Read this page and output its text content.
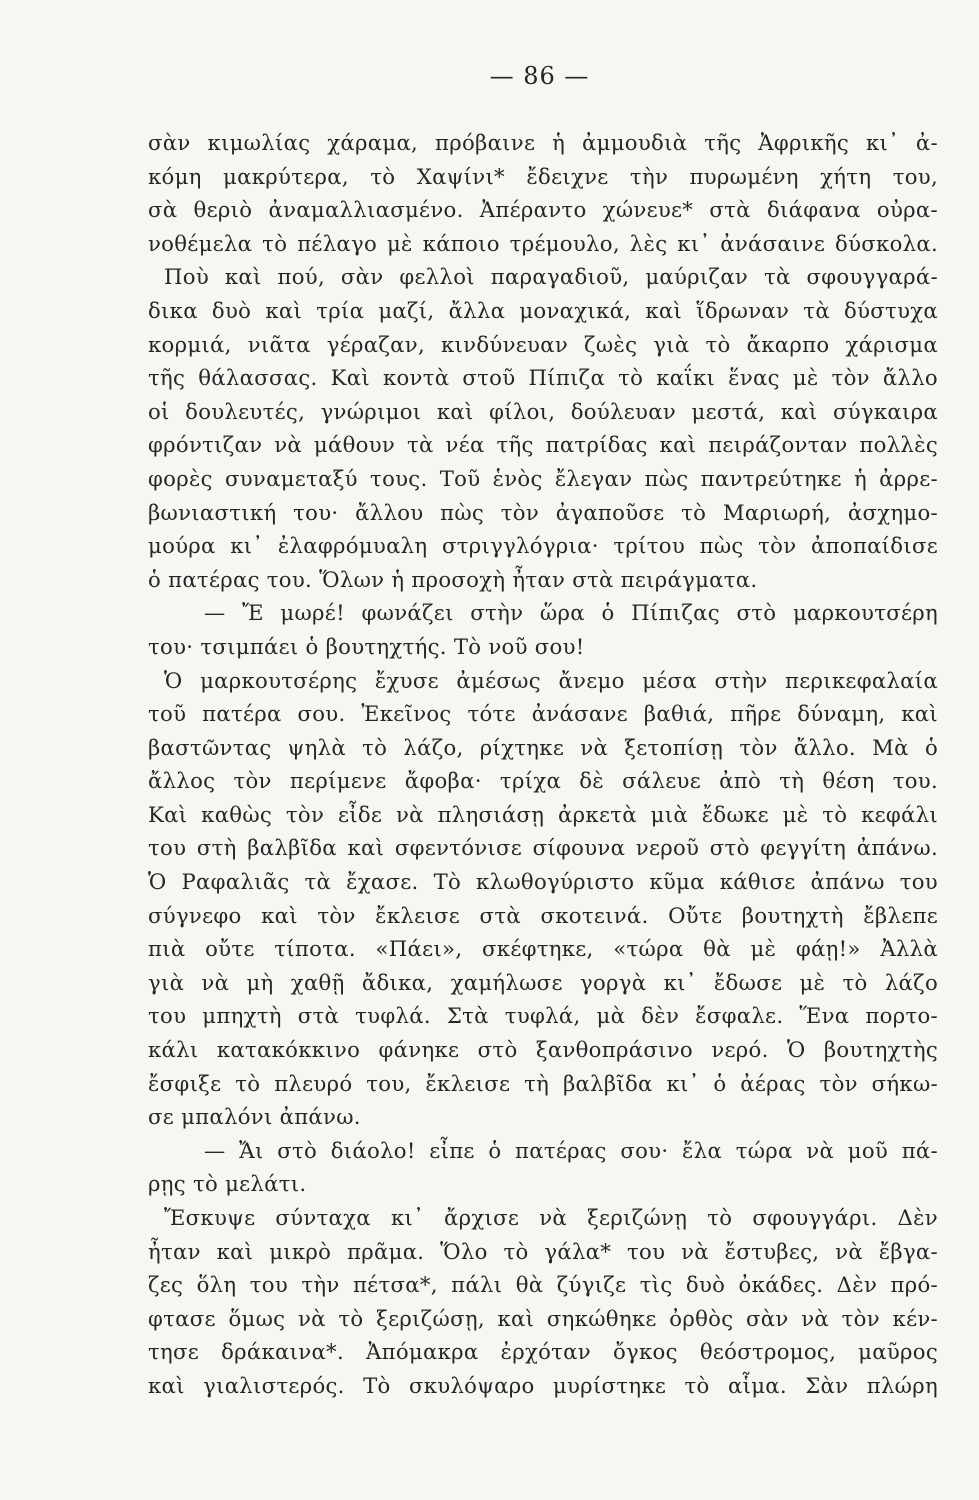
— 86 —
σὰν κιμωλίας χάραμα, πρόβαινε ἡ ἀμμουδιὰ τῆς Ἀφρικῆς κι᾽ ἀ-
κόμη μακρύτερα, τὸ Χαψίνι* ἔδειχνε τὴν πυρωμένη χήτη του,
σὰ θεριὸ ἀναμαλλιασμένο. Ἀπέραντο χώνευε* στὰ διάφανα οὐρα-
νοθέμελα τὸ πέλαγο μὲ κάποιο τρέμουλο, λὲς κι᾽ ἀνάσαινε δύσκολα.
Ποὺ καὶ πού, σὰν φελλοὶ παραγαδιοῦ, μαύριζαν τὰ σφουγγαρά-
δικα δυὸ καὶ τρία μαζί, ἄλλα μοναχικά, καὶ ἵδρωναν τὰ δύστυχα
κορμιά, νιᾶτα γέραζαν, κινδύνευαν ζωὲς γιὰ τὸ ἄκαρπο χάρισμα
τῆς θάλασσας. Καὶ κοντὰ στοῦ Πίπιζα τὸ καΐκι ἕνας μὲ τὸν ἄλλο
οἱ δουλευτές, γνώριμοι καὶ φίλοι, δούλευαν μεστά, καὶ σύγκαιρα
φρόντιζαν νὰ μάθουν τὰ νέα τῆς πατρίδας καὶ πειράζονταν πολλὲς
φορὲς συναμεταξύ τους. Τοῦ ἑνὸς ἔλεγαν πὼς παντρεύτηκε ἡ ἀρρε-
βωνιαστική του· ἄλλου πὼς τὸν ἀγαποῦσε τὸ Μαριωρή, ἀσχημο-
μούρα κι᾽ ἐλαφρόμυαλη στριγγλόγρια· τρίτου πὼς τὸν ἀποπαίδισε
ὁ πατέρας του. Ὅλων ἡ προσοχὴ ἦταν στὰ πειράγματα.
— Ἔ μωρέ! φωνάζει στὴν ὥρα ὁ Πίπιζας στὸ μαρκουτσέρη
του· τσιμπάει ὁ βουτηχτής. Τὸ νοῦ σου!
Ὁ μαρκουτσέρης ἔχυσε ἀμέσως ἄνεμο μέσα στὴν περικεφαλαία
τοῦ πατέρα σου. Ἐκεῖνος τότε ἀνάσανε βαθιά, πῆρε δύναμη, καὶ
βαστῶντας ψηλὰ τὸ λάζο, ρίχτηκε νὰ ξετοπίσῃ τὸν ἄλλο. Μὰ ὁ
ἄλλος τὸν περίμενε ἄφοβα· τρίχα δὲ σάλευε ἀπὸ τὴ θέση του.
Καὶ καθὼς τὸν εἶδε νὰ πλησιάσῃ ἀρκετὰ μιὰ ἔδωκε μὲ τὸ κεφάλι
του στὴ βαλβῖδα καὶ σφεντόνισε σίφουνα νεροῦ στὸ φεγγίτη ἀπάνω.
Ὁ Ραφαλιᾶς τὰ ἔχασε. Τὸ κλωθογύριστο κῦμα κάθισε ἀπάνω του
σύγνεφο καὶ τὸν ἔκλεισε στὰ σκοτεινά. Οὔτε βουτηχτὴ ἔβλεπε
πιὰ οὔτε τίποτα. «Πάει», σκέφτηκε, «τώρα θὰ μὲ φάῃ!» Ἀλλὰ
γιὰ νὰ μὴ χαθῇ ἄδικα, χαμήλωσε γοργὰ κι᾽ ἔδωσε μὲ τὸ λάζο
του μπηχτὴ στὰ τυφλά. Στὰ τυφλά, μὰ δὲν ἔσφαλε. Ἕνα πορτο-
κάλι κατακόκκινο φάνηκε στὸ ξανθοπράσινο νερό. Ὁ βουτηχτὴς
ἔσφιξε τὸ πλευρό του, ἔκλεισε τὴ βαλβῖδα κι᾽ ὁ ἀέρας τὸν σήκω-
σε μπαλόνι ἀπάνω.
— Ἄι στὸ διάολο! εἶπε ὁ πατέρας σου· ἔλα τώρα νὰ μοῦ πά-
ρῃς τὸ μελάτι.
Ἔσκυψε σύνταχα κι᾽ ἄρχισε νὰ ξεριζώνῃ τὸ σφουγγάρι. Δὲν
ἦταν καὶ μικρὸ πρᾶμα. Ὅλο τὸ γάλα* του νὰ ἔστυβες, νὰ ἔβγα-
ζες ὅλη του τὴν πέτσα*, πάλι θὰ ζύγιζε τὶς δυὸ ὀκάδες. Δὲν πρό-
φτασε ὅμως νὰ τὸ ξεριζώσῃ, καὶ σηκώθηκε ὀρθὸς σὰν νὰ τὸν κέν-
τησε δράκαινα*. Ἀπόμακρα ἐρχόταν ὄγκος θεόστρομος, μαῦρος
καὶ γιαλιστερός. Τὸ σκυλόψαρο μυρίστηκε τὸ αἷμα. Σὰν πλώρη
